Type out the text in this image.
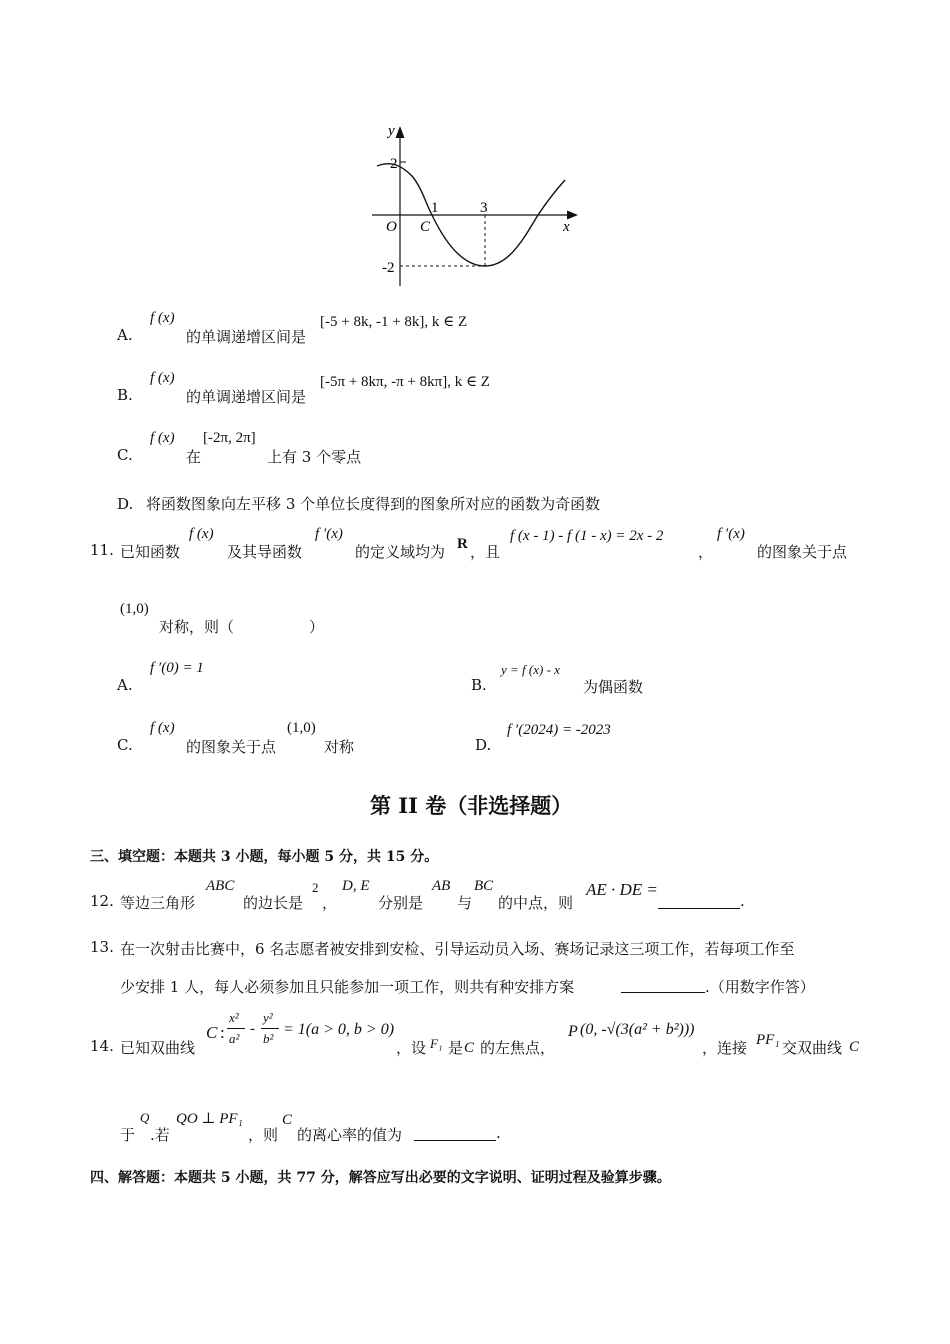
y
x
O C
2
-2
1	3
A.
f (x)
的单调递增区间是
[-5 + 8k, -1 + 8k], k ∈ Z
B.
f (x)
的单调递增区间是
[-5π + 8kπ, -π + 8kπ], k ∈ Z
C.
f (x)
在
[-2π, 2π]
上有 3 个零点
D. 将函数图象向左平移 3 个单位长度得到的图象所对应的函数为奇函数
11. 已知函数
f (x)
及其导函数
f ′(x)
的定义域均为 R ，且
f (x - 1) - f (1 - x) = 2x - 2
，
f ′(x)
的图象关于点
(1,0)
对称，则（　　　　　）
A.
f ′(0) = 1
B.
y = f (x) - x
为偶函数
C.
f (x)
的图象关于点
(1,0)
对称	D.
f ′(2024) = -2023
第 II 卷（非选择题）
三、填空题：本题共 3 小题，每小题 5 分，共 15 分。
12. 等边三角形
ABC
的边长是
2
，
D, E
分别是
AB
与
BC
的中点，则
AE · DE =
.
13. 在一次射击比赛中，6 名志愿者被安排到安检、引导运动员入场、赛场记录这三项工作，若每项工作至
少安排 1 人，每人必须参加且只能参加一项工作，则共有种安排方案	.（用数字作答）
14. 已知双曲线
C :
x²
a²
-
y²
b²
= 1(a > 0, b > 0)
，设 F₁ 是 C 的左焦点，
P (0, -√(3(a² + b²)))
，连接 PF₁ 交双曲线 C
于
Q
.若
QO ⊥ PF₁
，则
C
的离心率的值为	.
四、解答题：本题共 5 小题，共 77 分，解答应写出必要的文字说明、证明过程及验算步骤。
